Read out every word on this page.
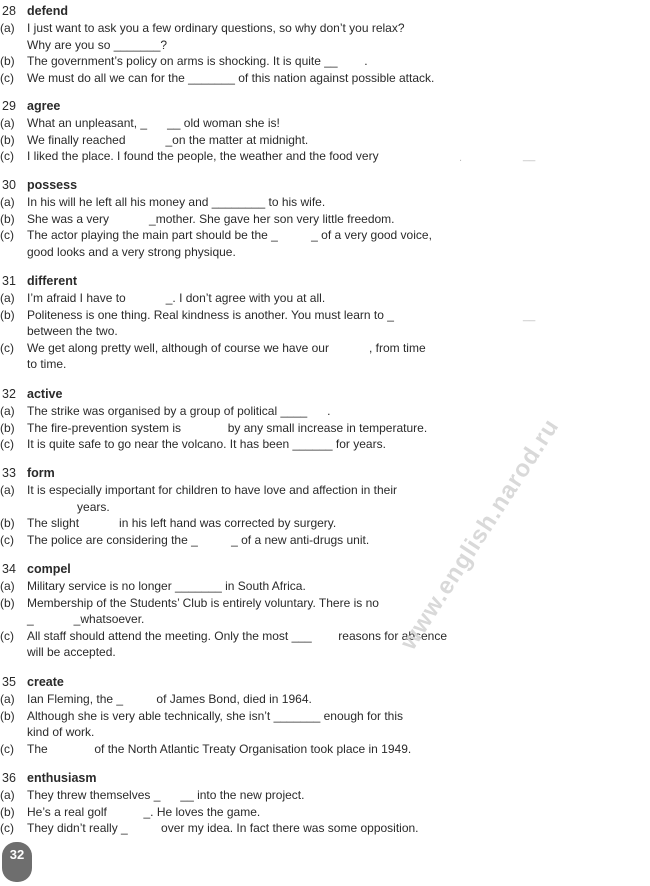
28 defend
(a) I just want to ask you a few ordinary questions, so why don’t you relax?
Why are you so _______?
(b) The government’s policy on arms is shocking. It is quite __        .
(c) We must do all we can for the _______ of this nation against possible attack.
29 agree
(a) What an unpleasant, _      __ old woman she is!
(b) We finally reached            _on the matter at midnight.
(c) I liked the place. I found the people, the weather and the food very
30 possess
(a) In his will he left all his money and ________ to his wife.
(b) She was a very            _mother. She gave her son very little freedom.
(c) The actor playing the main part should be the _          _ of a very good voice,
good looks and a very strong physique.
31 different
(a) I’m afraid I have to            _. I don’t agree with you at all.
(b) Politeness is one thing. Real kindness is another. You must learn to _
between the two.
(c) We get along pretty well, although of course we have our            , from time
to time.
32 active
(a) The strike was organised by a group of political ____      .
(b) The fire-prevention system is              by any small increase in temperature.
(c) It is quite safe to go near the volcano. It has been ______ for years.
33 form
(a) It is especially important for children to have love and affection in their
years.
(b) The slight            in his left hand was corrected by surgery.
(c) The police are considering the _          _ of a new anti-drugs unit.
34 compel
(a) Military service is no longer _______ in South Africa.
(b) Membership of the Students’ Club is entirely voluntary. There is no
_            _whatsoever.
(c) All staff should attend the meeting. Only the most ___        reasons for absence
will be accepted.
35 create
(a) Ian Fleming, the _          of James Bond, died in 1964.
(b) Although she is very able technically, she isn’t _______ enough for this
kind of work.
(c) The              of the North Atlantic Treaty Organisation took place in 1949.
36 enthusiasm
(a) They threw themselves _      __ into the new project.
(b) He’s a real golf           _. He loves the game.
(c) They didn’t really _          over my idea. In fact there was some opposition.
32
www.english.narod.ru
.	__
__
